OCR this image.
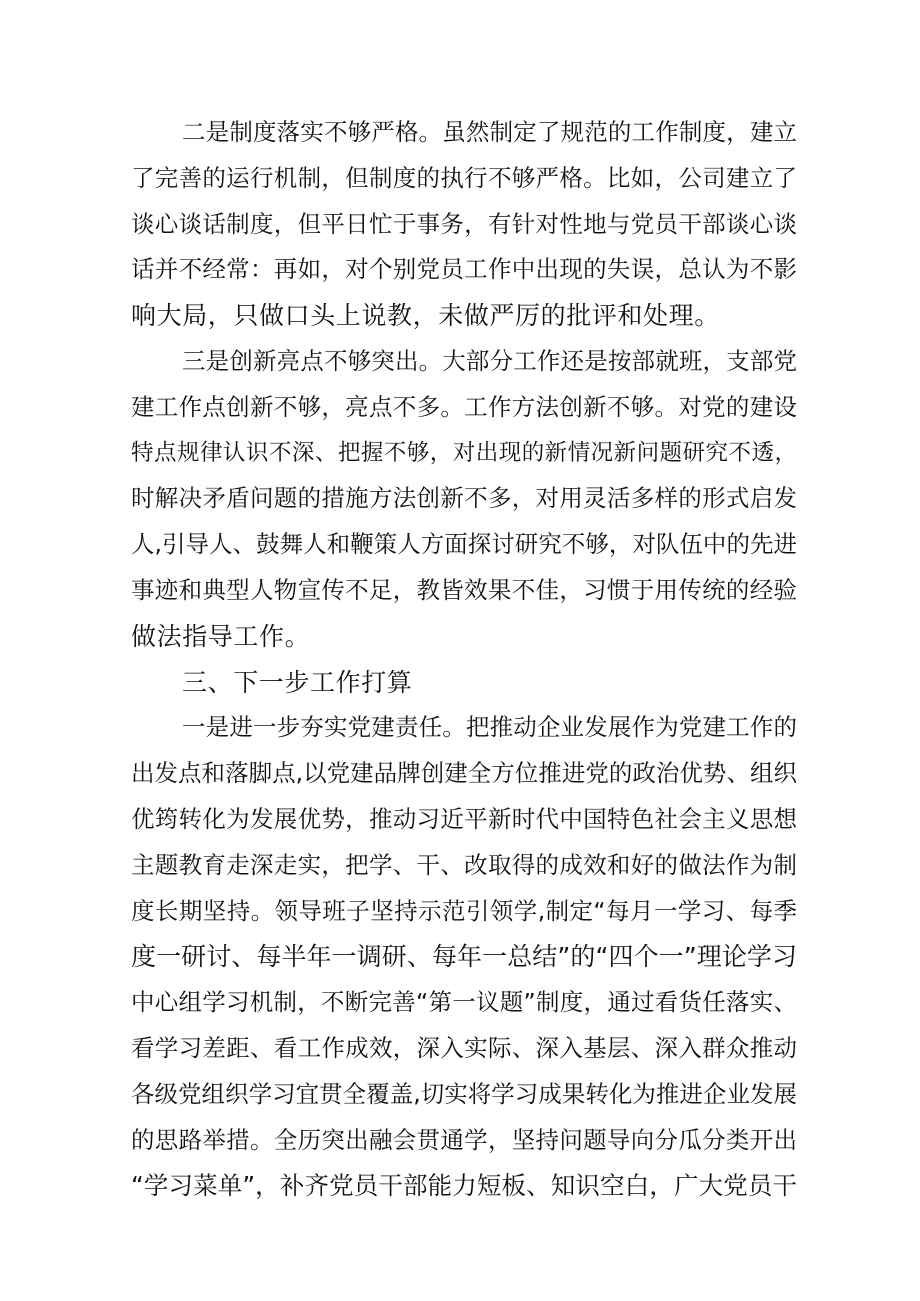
二是制度落实不够严格。虽然制定了规范的工作制度，建立
了完善的运行机制，但制度的执行不够严格。比如，公司建立了
谈心谈话制度，但平日忙于事务，有针对性地与党员干部谈心谈
话并不经常：再如，对个别党员工作中出现的失误，总认为不影
响大局，只做口头上说教，未做严厉的批评和处理。
三是创新亮点不够突出。大部分工作还是按部就班，支部党
建工作点创新不够，亮点不多。工作方法创新不够。对党的建设
特点规律认识不深、把握不够，对出现的新情况新问题研究不透，
时解决矛盾问题的措施方法创新不多，对用灵活多样的形式启发
人,引导人、鼓舞人和鞭策人方面探讨研究不够，对队伍中的先进
事迹和典型人物宣传不足，教皆效果不佳，习惯于用传统的经验
做法指导工作。
三、下一步工作打算
一是进一步夯实党建责任。把推动企业发展作为党建工作的
出发点和落脚点,以党建品牌创建全方位推进党的政治优势、组织
优筠转化为发展优势，推动习近平新时代中国特色社会主义思想
主题教育走深走实，把学、干、改取得的成效和好的做法作为制
度长期坚持。领导班子坚持示范引领学,制定“每月一学习、每季
度一研讨、每半年一调研、每年一总结”的“四个一”理论学习
中心组学习机制，不断完善“第一议题”制度，通过看货任落实、
看学习差距、看工作成效，深入实际、深入基层、深入群众推动
各级党组织学习宜贯全覆盖,切实将学习成果转化为推进企业发展
的思路举措。全历突出融会贯通学，坚持问题导向分瓜分类开出
“学习菜单”，补齐党员干部能力短板、知识空白，广大党员干
